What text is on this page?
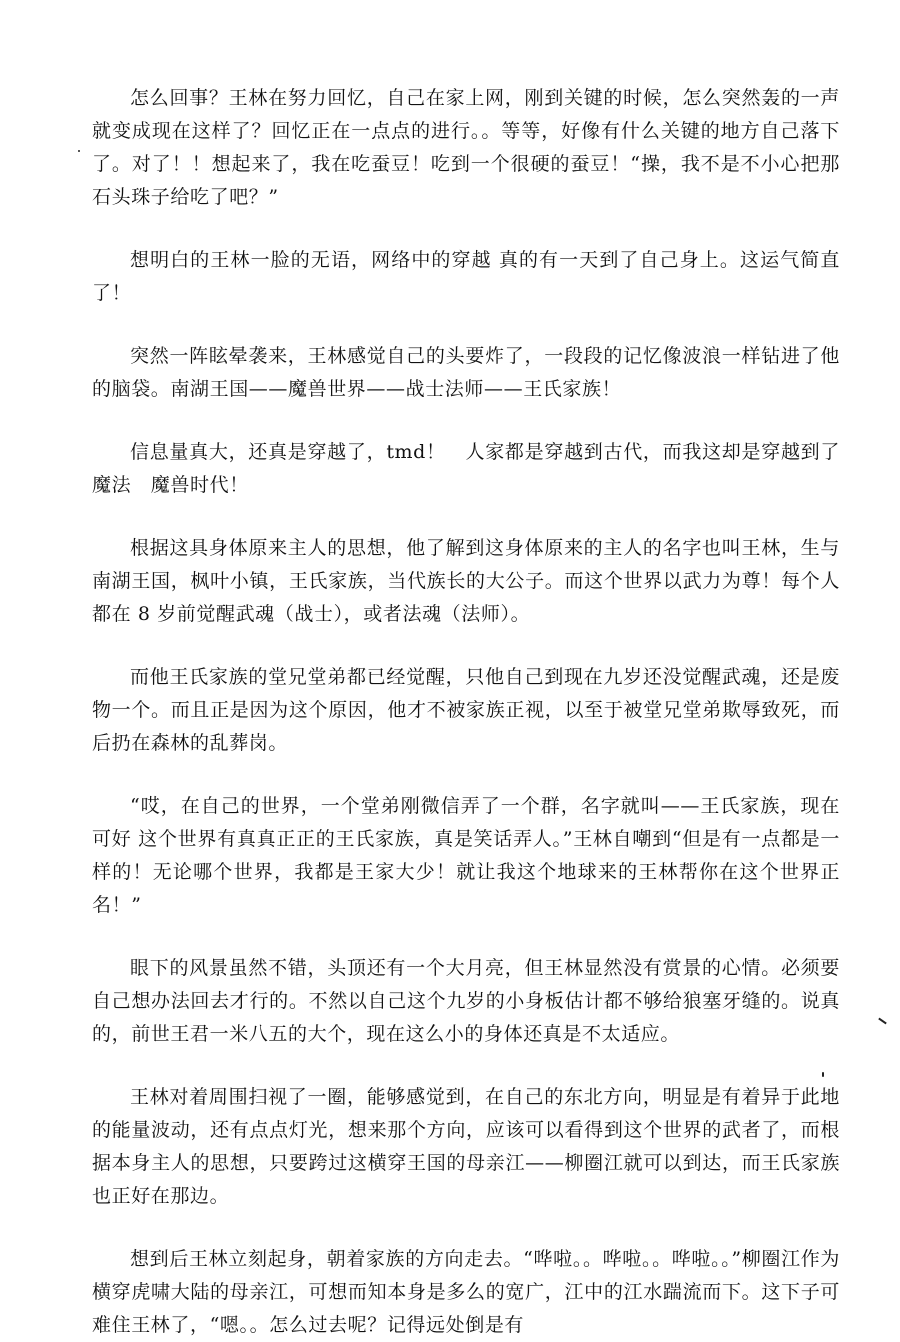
怎么回事？王林在努力回忆，自己在家上网，刚到关键的时候，怎么突然轰的一声就变成现在这样了？回忆正在一点点的进行。。等等，好像有什么关键的地方自己落下了。对了！！想起来了，我在吃蚕豆！吃到一个很硬的蚕豆！“操，我不是不小心把那石头珠子给吃了吧？”

想明白的王林一脸的无语，网络中的穿越 真的有一天到了自己身上。这运气简直了！

突然一阵眩晕袭来，王林感觉自己的头要炸了，一段段的记忆像波浪一样钻进了他的脑袋。南湖王国——魔兽世界——战士法师——王氏家族！

信息量真大，还真是穿越了，tmd！　人家都是穿越到古代，而我这却是穿越到了魔法　魔兽时代！

根据这具身体原来主人的思想，他了解到这身体原来的主人的名字也叫王林，生与南湖王国，枫叶小镇，王氏家族，当代族长的大公子。而这个世界以武力为尊！每个人都在 8 岁前觉醒武魂（战士），或者法魂（法师）。

而他王氏家族的堂兄堂弟都已经觉醒，只他自己到现在九岁还没觉醒武魂，还是废物一个。而且正是因为这个原因，他才不被家族正视，以至于被堂兄堂弟欺辱致死，而后扔在森林的乱葬岗。

“哎，在自己的世界，一个堂弟刚微信弄了一个群，名字就叫——王氏家族，现在可好 这个世界有真真正正的王氏家族，真是笑话弄人。”王林自嘲到“但是有一点都是一样的！无论哪个世界，我都是王家大少！就让我这个地球来的王林帮你在这个世界正名！”

眼下的风景虽然不错，头顶还有一个大月亮，但王林显然没有赏景的心情。必须要自己想办法回去才行的。不然以自己这个九岁的小身板估计都不够给狼塞牙缝的。说真的，前世王君一米八五的大个，现在这么小的身体还真是不太适应。

王林对着周围扫视了一圈，能够感觉到，在自己的东北方向，明显是有着异于此地的能量波动，还有点点灯光，想来那个方向，应该可以看得到这个世界的武者了，而根据本身主人的思想，只要跨过这横穿王国的母亲江——柳圈江就可以到达，而王氏家族也正好在那边。

想到后王林立刻起身，朝着家族的方向走去。“哗啦。。哗啦。。哗啦。。”柳圈江作为横穿虎啸大陆的母亲江，可想而知本身是多么的宽广，江中的江水踹流而下。这下子可难住王林了，“嗯。。怎么过去呢？记得远处倒是有
